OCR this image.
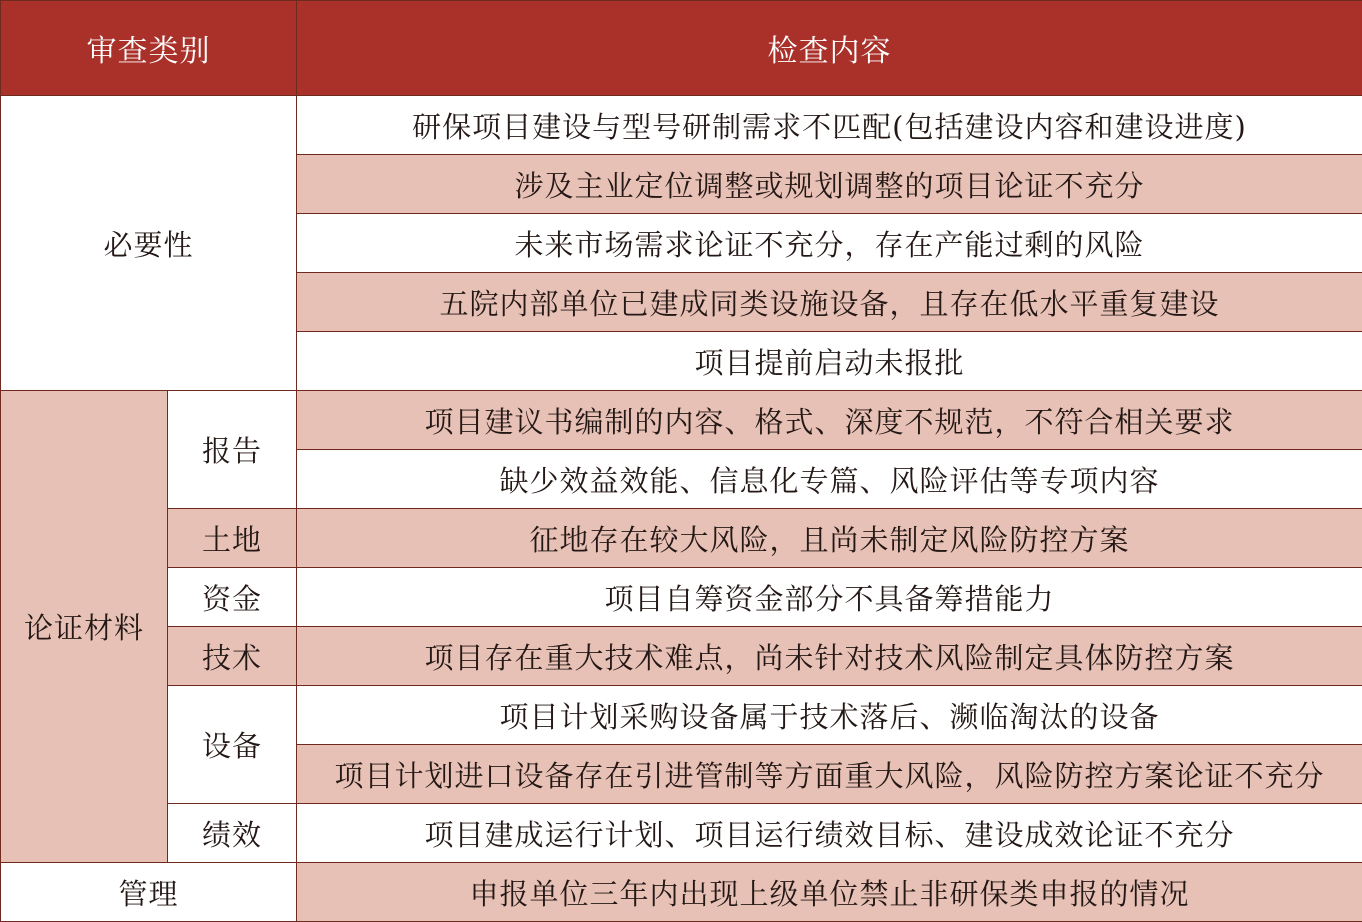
审查类别		检查内容
必要性		研保项目建设与型号研制需求不匹配(包括建设内容和建设进度)
		涉及主业定位调整或规划调整的项目论证不充分
		未来市场需求论证不充分，存在产能过剩的风险
		五院内部单位已建成同类设施设备，且存在低水平重复建设
		项目提前启动未报批
论证材料	报告	项目建议书编制的内容、格式、深度不规范，不符合相关要求
		缺少效益效能、信息化专篇、风险评估等专项内容
	土地	征地存在较大风险，且尚未制定风险防控方案
	资金	项目自筹资金部分不具备筹措能力
	技术	项目存在重大技术难点，尚未针对技术风险制定具体防控方案
	设备	项目计划采购设备属于技术落后、濒临淘汰的设备
		项目计划进口设备存在引进管制等方面重大风险，风险防控方案论证不充分
	绩效	项目建成运行计划、项目运行绩效目标、建设成效论证不充分
管理		申报单位三年内出现上级单位禁止非研保类申报的情况
